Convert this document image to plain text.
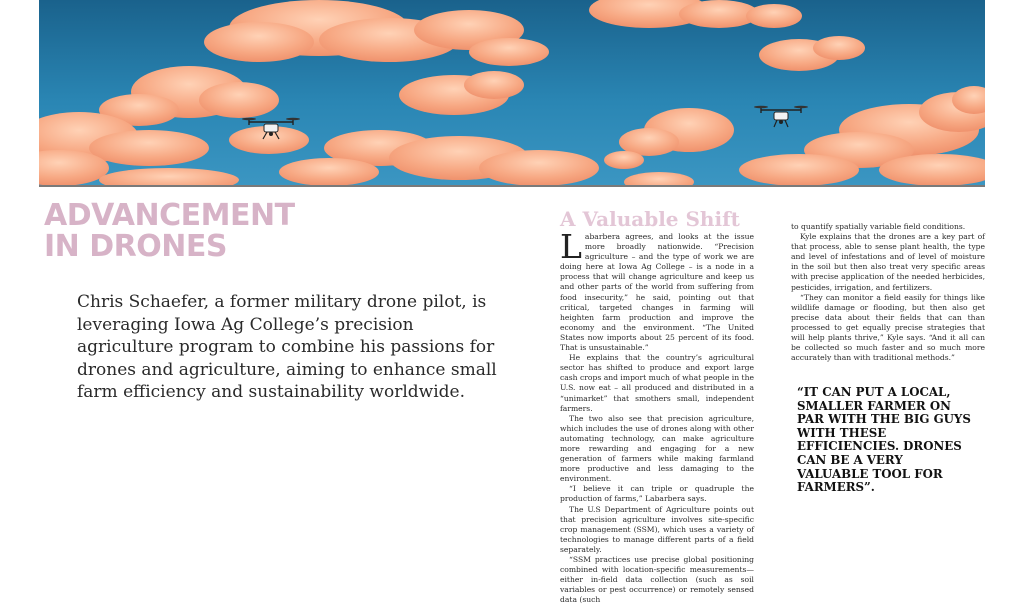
ADVANCEMENT
IN DRONES

Chris Schaefer, a former military drone pilot, is leveraging Iowa Ag College’s precision agriculture program to combine his passions for drones and agriculture, aiming to enhance small farm efficiency and sustainability worldwide.

A Valuable Shift

Labarbera agrees, and looks at the issue more broadly nationwide. “Precision agriculture – and the type of work we are doing here at Iowa Ag College – is a node in a process that will change agriculture and keep us and other parts of the world from suffering from food insecurity,” he said, pointing out that critical, targeted changes in farming will heighten farm production and improve the economy and the environment. “The United States now imports about 25 percent of its food. That is unsustainable.”

He explains that the country’s agricultural sector has shifted to produce and export large cash crops and import much of what people in the U.S. now eat – all produced and distributed in a “unimarket” that smothers small, independent farmers.

The two also see that precision agriculture, which includes the use of drones along with other automating technology, can make agriculture more rewarding and engaging for a new generation of farmers while making farmland more productive and less damaging to the environment.

“I believe it can triple or quadruple the production of farms,” Labarbera says.

The U.S Department of Agriculture points out that precision agriculture involves site-specific crop management (SSM), which uses a variety of technologies to manage different parts of a field separately.

“SSM practices use precise global positioning combined with location-specific measurements—either in-field data collection (such as soil variables or pest occurrence) or remotely sensed data (such

to quantify spatially variable field conditions.

Kyle explains that the drones are a key part of that process, able to sense plant health, the type and level of infestations and of level of moisture in the soil but then also treat very specific areas with precise application of the needed herbicides, pesticides, irrigation, and fertilizers.

“They can monitor a field easily for things like wildlife damage or flooding, but then also get precise data about their fields that can than processed to get equally precise strategies that will help plants thrive,” Kyle says. “And it all can be collected so much faster and so much more accurately than with traditional methods.”

“IT CAN PUT A LOCAL, SMALLER FARMER ON PAR WITH THE BIG GUYS WITH THESE EFFICIENCIES. DRONES CAN BE A VERY VALUABLE TOOL FOR FARMERS”.
